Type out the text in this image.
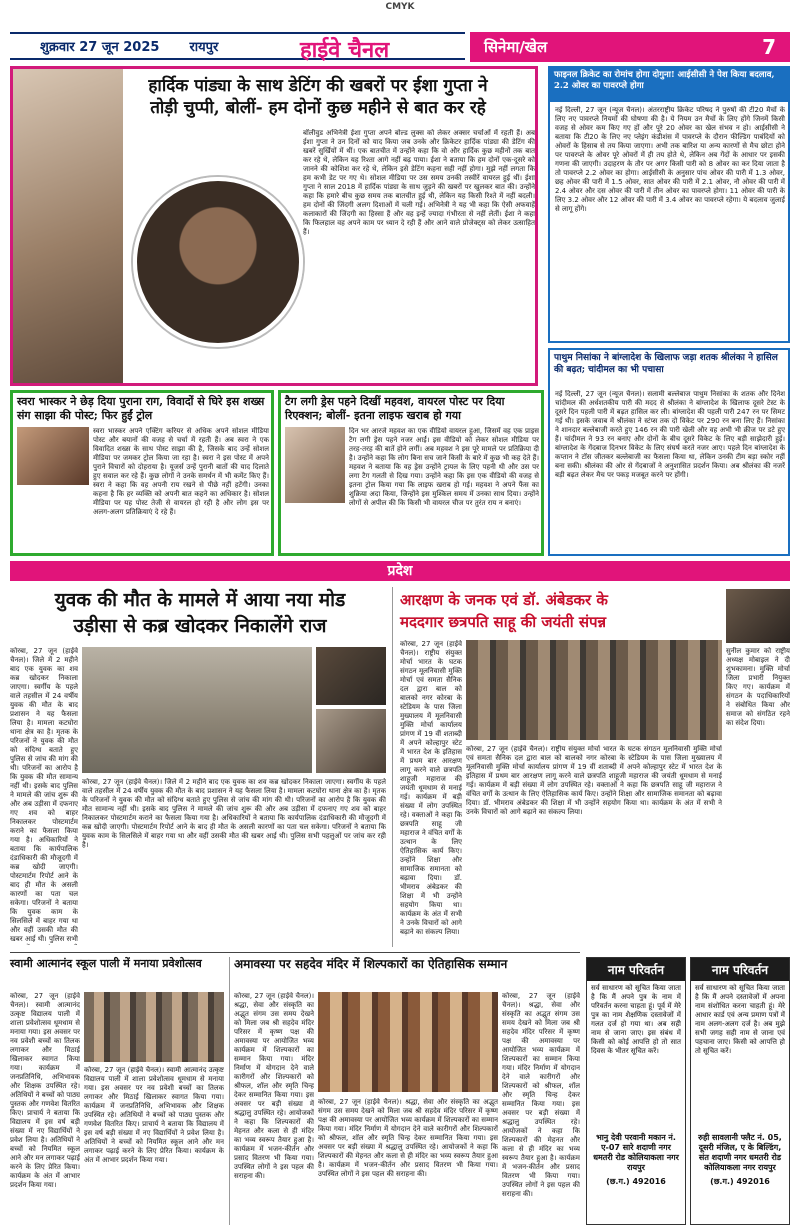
CMYK
शुक्रवार 27 जून 2025 रायपुर	हाईवे चैनल	सिनेमा/खेल	7
हार्दिक पांड्या के साथ डेटिंग की खबरों पर ईशा गुप्ता ने
तोड़ी चुप्पी, बोलीं- हम दोनों कुछ महीने से बात कर रहे
बॉलीवुड अभिनेत्री ईशा गुप्ता अपने बोल्ड लुक्स को लेकर अक्सर चर्चाओं में रहती हैं। अब ईशा गुप्ता ने उन दिनों को याद किया जब उनके और क्रिकेटर हार्दिक पांड्या की डेटिंग की खबरें सुर्खियों में थीं। एक बातचीत में उन्होंने कहा कि वो और हार्दिक कुछ महीनों तक बात कर रहे थे, लेकिन यह रिश्ता आगे नहीं बढ़ पाया। ईशा ने बताया कि हम दोनों एक-दूसरे को जानने की कोशिश कर रहे थे, लेकिन इसे डेटिंग कहना सही नहीं होगा। मुझे नहीं लगता कि हम कभी डेट पर गए थे। सोशल मीडिया पर उस समय उनकी तस्वीरें वायरल हुई थीं। ईशा गुप्ता ने साल 2018 में हार्दिक पांड्या के साथ जुड़ने की खबरों पर खुलकर बात की। उन्होंने कहा कि हमारे बीच कुछ समय तक बातचीत हुई थी, लेकिन यह किसी रिश्ते में नहीं बदली। हम दोनों की जिंदगी अलग दिशाओं में चली गई। अभिनेत्री ने यह भी कहा कि ऐसी अफवाहें कलाकारों की जिंदगी का हिस्सा हैं और वह इन्हें ज्यादा गंभीरता से नहीं लेतीं। ईशा ने कहा कि फिलहाल वह अपने काम पर ध्यान दे रही हैं और आने वाले प्रोजेक्ट्स को लेकर उत्साहित हैं।
फाइनल क्रिकेट का रोमांच होगा दोगुना! आईसीसी ने पेश किया बदलाव, 2.2 ओवर का पावरप्ले होगा
नई दिल्ली, 27 जून (न्यूज चैनल)। अंतरराष्ट्रीय क्रिकेट परिषद ने पुरुषों की टी20 मैचों के लिए नए पावरप्ले नियमों की घोषणा की है। ये नियम उन मैचों के लिए होंगे जिनमें किसी वजह से ओवर कम किए गए हों और पूरे 20 ओवर का खेल संभव न हो। आईसीसी ने बताया कि टी20 के लिए नए प्लेइंग कंडीशंस में पावरप्ले के दौरान फील्डिंग पाबंदियों को ओवरों के हिसाब से तय किया जाएगा। अभी तक बारिश या अन्य कारणों से मैच छोटा होने पर पावरप्ले के ओवर पूरे ओवरों में ही तय होते थे, लेकिन अब गेंदों के आधार पर इसकी गणना की जाएगी। उदाहरण के तौर पर अगर किसी पारी को 8 ओवर का कर दिया जाता है तो पावरप्ले 2.2 ओवर का होगा। आईसीसी के अनुसार पांच ओवर की पारी में 1.3 ओवर, छह ओवर की पारी में 1.5 ओवर, सात ओवर की पारी में 2.1 ओवर, नौ ओवर की पारी में 2.4 ओवर और दस ओवर की पारी में तीन ओवर का पावरप्ले होगा। 11 ओवर की पारी के लिए 3.2 ओवर और 12 ओवर की पारी में 3.4 ओवर का पावरप्ले रहेगा। ये बदलाव जुलाई से लागू होंगे।
पाथुम निसांका ने बांग्लादेश के खिलाफ जड़ा शतक श्रीलंका ने हासिल की बढ़त; चांदीमल का भी पचासा
नई दिल्ली, 27 जून (न्यूज चैनल)। सलामी बल्लेबाज पाथुम निसांका के शतक और दिनेश चांदीमल की अर्धशतकीय पारी की मदद से श्रीलंका ने बांग्लादेश के खिलाफ दूसरे टेस्ट के दूसरे दिन पहली पारी में बढ़त हासिल कर ली। बांग्लादेश की पहली पारी 247 रन पर सिमट गई थी। इसके जवाब में श्रीलंका ने स्टंप्स तक दो विकेट पर 290 रन बना लिए हैं। निसांका ने शानदार बल्लेबाजी करते हुए 146 रन की पारी खेली और वह अभी भी क्रीज पर डटे हुए हैं। चांदीमल ने 93 रन बनाए और दोनों के बीच दूसरे विकेट के लिए बड़ी साझेदारी हुई। बांग्लादेश के गेंदबाज दिनभर विकेट के लिए संघर्ष करते नजर आए। पहले दिन बांग्लादेश के कप्तान ने टॉस जीतकर बल्लेबाजी का फैसला किया था, लेकिन उनकी टीम बड़ा स्कोर नहीं बना सकी। श्रीलंका की ओर से गेंदबाजों ने अनुशासित प्रदर्शन किया। अब श्रीलंका की नजरें बड़ी बढ़त लेकर मैच पर पकड़ मजबूत करने पर होंगी।
स्वरा भास्कर ने छेड़ दिया पुराना राग, विवादों से घिरे इस शख्स संग साझा की पोस्ट; फिर हुईं ट्रोल
स्वरा भास्कर अपने एक्टिंग करियर से अधिक अपने सोशल मीडिया पोस्ट और बयानों की वजह से चर्चा में रहती हैं। अब स्वरा ने एक विवादित शख्स के साथ पोस्ट साझा की है, जिसके बाद उन्हें सोशल मीडिया पर जमकर ट्रोल किया जा रहा है। स्वरा ने इस पोस्ट में अपने पुराने विचारों को दोहराया है। यूजर्स उन्हें पुरानी बातों की याद दिलाते हुए सवाल कर रहे हैं। कुछ लोगों ने उनके समर्थन में भी कमेंट किए हैं। स्वरा ने कहा कि वह अपनी राय रखने से पीछे नहीं हटेंगी। उनका कहना है कि हर व्यक्ति को अपनी बात कहने का अधिकार है। सोशल मीडिया पर यह पोस्ट तेजी से वायरल हो रही है और लोग इस पर अलग-अलग प्रतिक्रियाएं दे रहे हैं।
टैग लगी ड्रेस पहने दिखीं महवश, वायरल पोस्ट पर दिया रिएक्शन; बोलीं- इतना लाइफ खराब हो गया
दिन भर आरजे महवश का एक वीडियो वायरल हुआ, जिसमें वह एक प्राइस टैग लगी ड्रेस पहने नजर आईं। इस वीडियो को लेकर सोशल मीडिया पर तरह-तरह की बातें होने लगीं। अब महवश ने इस पूरे मामले पर प्रतिक्रिया दी है। उन्होंने कहा कि लोग बिना सच जाने किसी के बारे में कुछ भी कह देते हैं। महवश ने बताया कि वह ड्रेस उन्होंने ट्रायल के लिए पहनी थी और उस पर लगा टैग गलती से दिख गया। उन्होंने कहा कि इस एक वीडियो की वजह से इतना ट्रोल किया गया कि लाइफ खराब हो गई। महवश ने अपने फैंस का शुक्रिया अदा किया, जिन्होंने इस मुश्किल समय में उनका साथ दिया। उन्होंने लोगों से अपील की कि किसी भी वायरल चीज पर तुरंत राय न बनाएं।
प्रदेश
युवक की मौत के मामले में आया नया मोड
उड़ीसा से कब्र खोदकर निकालेंगे राज
कोरबा, 27 जून (हाईवे चैनल)। जिले में 2 महीने बाद एक युवक का शव कब्र खोदकर निकाला जाएगा। स्वर्गीय के पहले वाले तहसील में 24 वर्षीय युवक की मौत के बाद प्रशासन ने यह फैसला लिया है। मामला कटघोरा थाना क्षेत्र का है। मृतक के परिजनों ने युवक की मौत को संदिग्ध बताते हुए पुलिस से जांच की मांग की थी। परिजनों का आरोप है कि युवक की मौत सामान्य नहीं थी। इसके बाद पुलिस ने मामले की जांच शुरू की और अब उड़ीसा में दफनाए गए शव को बाहर निकालकर पोस्टमार्टम कराने का फैसला किया गया है। अधिकारियों ने बताया कि कार्यपालिक दंडाधिकारी की मौजूदगी में कब्र खोदी जाएगी। पोस्टमार्टम रिपोर्ट आने के बाद ही मौत के असली कारणों का पता चल सकेगा। परिजनों ने बताया कि युवक काम के सिलसिले में बाहर गया था और वहीं उसकी मौत की खबर आई थी। पुलिस सभी
कोरबा, 27 जून (हाईवे चैनल)। जिले में 2 महीने बाद एक युवक का शव कब्र खोदकर निकाला जाएगा। स्वर्गीय के पहले वाले तहसील में 24 वर्षीय युवक की मौत के बाद प्रशासन ने यह फैसला लिया है। मामला कटघोरा थाना क्षेत्र का है। मृतक के परिजनों ने युवक की मौत को संदिग्ध बताते हुए पुलिस से जांच की मांग की थी। परिजनों का आरोप है कि युवक की मौत सामान्य नहीं थी। इसके बाद पुलिस ने मामले की जांच शुरू की और अब उड़ीसा में दफनाए गए शव को बाहर निकालकर पोस्टमार्टम कराने का फैसला किया गया है। अधिकारियों ने बताया कि कार्यपालिक दंडाधिकारी की मौजूदगी में कब्र खोदी जाएगी। पोस्टमार्टम रिपोर्ट आने के बाद ही मौत के असली कारणों का पता चल सकेगा। परिजनों ने बताया कि युवक काम के सिलसिले में बाहर गया था और वहीं उसकी मौत की खबर आई थी। पुलिस सभी पहलुओं पर जांच कर रही है।
आरक्षण के जनक एवं डॉ. अंबेडकर के
मददगार छत्रपति साहू की जयंती संपन्न
सुनील कुमार को राष्ट्रीय अध्यक्ष मोबाइल ने दी शुभकामना। मुक्ति मोर्चा जिला प्रभारी नियुक्त किए गए। कार्यक्रम में संगठन के पदाधिकारियों ने संबोधित किया और समाज को संगठित रहने का संदेश दिया।
कोरबा, 27 जून (हाईवे चैनल)। राष्ट्रीय संयुक्त मोर्चा भारत के घटक संगठन मूलनिवासी मुक्ति मोर्चा एवं समता सैनिक दल द्वारा बाल को बालको नगर कोरबा के स्टेडियम के पास जिला मुख्यालय में मूलनिवासी मुक्ति मोर्चा कार्यालय प्रांगण में 19 वीं शताब्दी में अपने कोल्हापुर स्टेट में भारत देश के इतिहास में प्रथम बार आरक्षण लागू करने वाले छत्रपति शाहूजी महाराज की जयंती धूमधाम से मनाई गई। कार्यक्रम में बड़ी संख्या में लोग उपस्थित रहे। वक्ताओं ने कहा कि छत्रपति साहू जी महाराज ने वंचित वर्गों के उत्थान के लिए ऐतिहासिक कार्य किए। उन्होंने शिक्षा और सामाजिक समानता को बढ़ावा दिया। डॉ. भीमराव अंबेडकर की शिक्षा में भी उन्होंने सहयोग किया था। कार्यक्रम के अंत में सभी ने उनके विचारों को आगे बढ़ाने का संकल्प लिया।
कोरबा, 27 जून (हाईवे चैनल)। राष्ट्रीय संयुक्त मोर्चा भारत के घटक संगठन मूलनिवासी मुक्ति मोर्चा एवं समता सैनिक दल द्वारा बाल को बालको नगर कोरबा के स्टेडियम के पास जिला मुख्यालय में मूलनिवासी मुक्ति मोर्चा कार्यालय प्रांगण में 19 वीं शताब्दी में अपने कोल्हापुर स्टेट में भारत देश के इतिहास में प्रथम बार आरक्षण लागू करने वाले छत्रपति शाहूजी महाराज की जयंती धूमधाम से मनाई गई। कार्यक्रम में बड़ी संख्या में लोग उपस्थित रहे। वक्ताओं ने कहा कि छत्रपति साहू जी महाराज ने वंचित वर्गों के उत्थान के लिए ऐतिहासिक कार्य किए। उन्होंने शिक्षा और सामाजिक समानता को बढ़ावा दिया। डॉ. भीमराव अंबेडकर की शिक्षा में भी उन्होंने सहयोग किया था। कार्यक्रम के अंत में सभी ने उनके विचारों को आगे बढ़ाने का संकल्प लिया।
स्वामी आत्मानंद स्कूल पाली में मनाया प्रवेशोत्सव
कोरबा, 27 जून (हाईवे चैनल)। स्वामी आत्मानंद उत्कृष्ट विद्यालय पाली में शाला प्रवेशोत्सव धूमधाम से मनाया गया। इस अवसर पर नव प्रवेशी बच्चों का तिलक लगाकर और मिठाई खिलाकर स्वागत किया गया। कार्यक्रम में जनप्रतिनिधि, अभिभावक और शिक्षक उपस्थित रहे। अतिथियों ने बच्चों को पाठ्य पुस्तक और गणवेश वितरित किए। प्राचार्य ने बताया कि विद्यालय में इस वर्ष बड़ी संख्या में नए विद्यार्थियों ने प्रवेश लिया है। अतिथियों ने बच्चों को नियमित स्कूल आने और मन लगाकर पढ़ाई करने के लिए प्रेरित किया। कार्यक्रम के अंत में आभार प्रदर्शन किया गया।
कोरबा, 27 जून (हाईवे चैनल)। स्वामी आत्मानंद उत्कृष्ट विद्यालय पाली में शाला प्रवेशोत्सव धूमधाम से मनाया गया। इस अवसर पर नव प्रवेशी बच्चों का तिलक लगाकर और मिठाई खिलाकर स्वागत किया गया। कार्यक्रम में जनप्रतिनिधि, अभिभावक और शिक्षक उपस्थित रहे। अतिथियों ने बच्चों को पाठ्य पुस्तक और गणवेश वितरित किए। प्राचार्य ने बताया कि विद्यालय में इस वर्ष बड़ी संख्या में नए विद्यार्थियों ने प्रवेश लिया है। अतिथियों ने बच्चों को नियमित स्कूल आने और मन लगाकर पढ़ाई करने के लिए प्रेरित किया। कार्यक्रम के अंत में आभार प्रदर्शन किया गया।
अमावस्या पर सहदेव मंदिर में शिल्पकारों का ऐतिहासिक सम्मान
कोरबा, 27 जून (हाईवे चैनल)। श्रद्धा, सेवा और संस्कृति का अद्भुत संगम उस समय देखने को मिला जब श्री सहदेव मंदिर परिसर में कृष्ण पक्ष की अमावस्या पर आयोजित भव्य कार्यक्रम में शिल्पकारों का सम्मान किया गया। मंदिर निर्माण में योगदान देने वाले कारीगरों और शिल्पकारों को श्रीफल, शॉल और स्मृति चिन्ह देकर सम्मानित किया गया। इस अवसर पर बड़ी संख्या में श्रद्धालु उपस्थित रहे। आयोजकों ने कहा कि शिल्पकारों की मेहनत और कला से ही मंदिर का भव्य स्वरूप तैयार हुआ है। कार्यक्रम में भजन-कीर्तन और प्रसाद वितरण भी किया गया। उपस्थित लोगों ने इस पहल की सराहना की।
कोरबा, 27 जून (हाईवे चैनल)। श्रद्धा, सेवा और संस्कृति का अद्भुत संगम उस समय देखने को मिला जब श्री सहदेव मंदिर परिसर में कृष्ण पक्ष की अमावस्या पर आयोजित भव्य कार्यक्रम में शिल्पकारों का सम्मान किया गया। मंदिर निर्माण में योगदान देने वाले कारीगरों और शिल्पकारों को श्रीफल, शॉल और स्मृति चिन्ह देकर सम्मानित किया गया। इस अवसर पर बड़ी संख्या में श्रद्धालु उपस्थित रहे। आयोजकों ने कहा कि शिल्पकारों की मेहनत और कला से ही मंदिर का भव्य स्वरूप तैयार हुआ है। कार्यक्रम में भजन-कीर्तन और प्रसाद वितरण भी किया गया। उपस्थित लोगों ने इस पहल की सराहना की।
कोरबा, 27 जून (हाईवे चैनल)। श्रद्धा, सेवा और संस्कृति का अद्भुत संगम उस समय देखने को मिला जब श्री सहदेव मंदिर परिसर में कृष्ण पक्ष की अमावस्या पर आयोजित भव्य कार्यक्रम में शिल्पकारों का सम्मान किया गया। मंदिर निर्माण में योगदान देने वाले कारीगरों और शिल्पकारों को श्रीफल, शॉल और स्मृति चिन्ह देकर सम्मानित किया गया। इस अवसर पर बड़ी संख्या में श्रद्धालु उपस्थित रहे। आयोजकों ने कहा कि शिल्पकारों की मेहनत और कला से ही मंदिर का भव्य स्वरूप तैयार हुआ है। कार्यक्रम में भजन-कीर्तन और प्रसाद वितरण भी किया गया। उपस्थित लोगों ने इस पहल की सराहना की।
नाम परिवर्तन
सर्व साधारण को सूचित किया जाता है कि मैं अपने पुत्र के नाम में परिवर्तन करना चाहता हूं। पूर्व में मेरे पुत्र का नाम शैक्षणिक दस्तावेजों में गलत दर्ज हो गया था। अब सही नाम से जाना जाए। इस संबंध में किसी को कोई आपत्ति हो तो सात दिवस के भीतर सूचित करें।
भानु देवी परवानी मकान नं. ए-07 सारे शदाणी नगर धमतरी रोड कोलियाकला नगर रायपुर
(छ.ग.) 492016
नाम परिवर्तन
सर्व साधारण को सूचित किया जाता है कि मैं अपने दस्तावेजों में अपना नाम संशोधित करना चाहती हूं। मेरे आधार कार्ड एवं अन्य प्रमाण पत्रों में नाम अलग-अलग दर्ज है। अब मुझे सभी जगह सही नाम से जाना एवं पहचाना जाए। किसी को आपत्ति हो तो सूचित करें।
रुही सावलानी फ्लैट नं. 05, दूसरी मंजिल, ए के बिल्डिंग, संत शदाणी नगर धमतरी रोड कोलियाकला नगर रायपुर
(छ.ग.) 492016
